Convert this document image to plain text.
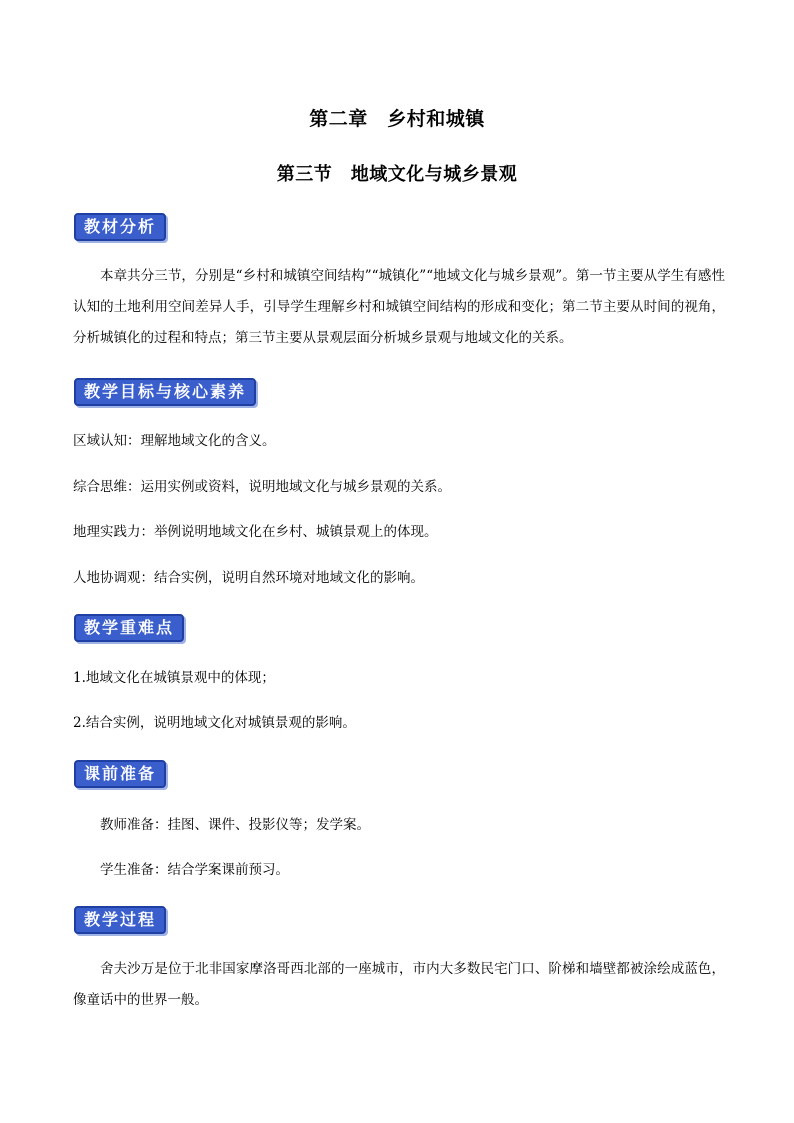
第二章　乡村和城镇
第三节　地域文化与城乡景观
教材分析
本章共分三节，分别是“乡村和城镇空间结构”“城镇化”“地域文化与城乡景观”。第一节主要从学生有感性认知的土地利用空间差异人手，引导学生理解乡村和城镇空间结构的形成和变化；第二节主要从时间的视角，分析城镇化的过程和特点；第三节主要从景观层面分析城乡景观与地域文化的关系。
教学目标与核心素养
区域认知：理解地域文化的含义。
综合思维：运用实例或资料，说明地域文化与城乡景观的关系。
地理实践力：举例说明地域文化在乡村、城镇景观上的体现。
人地协调观：结合实例，说明自然环境对地域文化的影响。
教学重难点
1.地域文化在城镇景观中的体现；
2.结合实例，说明地域文化对城镇景观的影响。
课前准备
教师准备：挂图、课件、投影仪等；发学案。
学生准备：结合学案课前预习。
教学过程
舍夫沙万是位于北非国家摩洛哥西北部的一座城市，市内大多数民宅门口、阶梯和墙壁都被涂绘成蓝色，像童话中的世界一般。
